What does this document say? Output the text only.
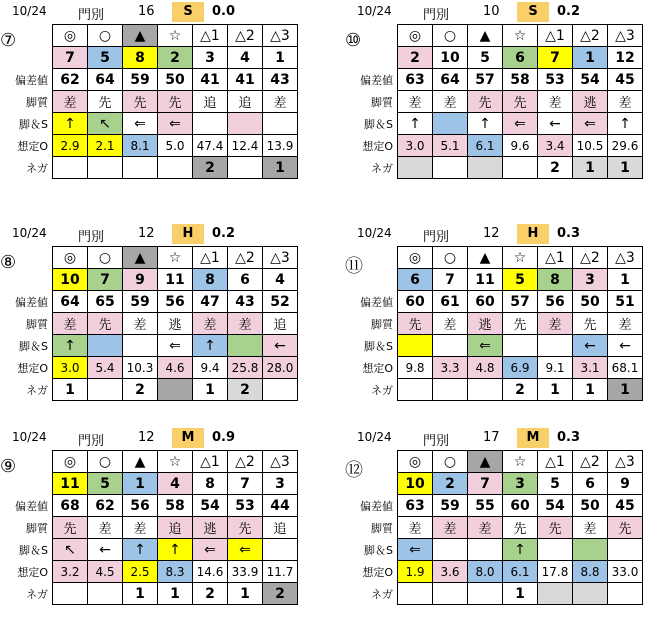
10/24 門別	16	S	0.0
⑦
偏差値
脚質
脚＆S
想定O
ネガ
◎	○	▲	☆	△1	△2	△3
7	5	8	2	3	4	1
62	64	59	50	41	41	43
差	先	先	先	追	追	差
↑	↖	⇐	⇐			
2.9	2.1	8.1	5.0	47.4	12.4	13.9
				2		1
10/24 門別	10	S	0.2
⑩
偏差値
脚質
脚＆S
想定O
ネガ
◎	○	▲	☆	△1	△2	△3
2	10	5	6	7	1	12
63	64	57	58	53	54	45
差	差	先	先	差	逃	差
↑		↑	⇐	←	⇐	↑
3.0	5.1	6.1	9.6	3.4	10.5	29.6
				2	1	1
10/24 門別	12	H	0.2
⑧
偏差値
脚質
脚＆S
想定O
ネガ
◎	○	▲	☆	△1	△2	△3
10	7	9	11	8	6	4
64	65	59	56	47	43	52
差	先	差	逃	差	差	追
↑			⇐	↑		←
3.0	5.4	10.3	4.6	9.4	25.8	28.0
1		2		1	2	
10/24 門別	12	H	0.3
⑪
偏差値
脚質
脚＆S
想定O
ネガ
◎	○	▲	☆	△1	△2	△3
6	7	11	5	8	3	1
60	61	60	57	56	50	51
先	差	逃	先	差	先	差
		⇐			←	←
9.8	3.3	4.8	6.9	9.1	3.1	68.1
			2	1	1	1
10/24 門別	12	M	0.9
⑨
偏差値
脚質
脚＆S
想定O
ネガ
◎	○	▲	☆	△1	△2	△3
11	5	1	4	8	7	3
68	62	56	58	54	53	44
先	差	差	追	逃	先	追
↖	←	↑	↑	⇐	⇐	
3.2	4.5	2.5	8.3	14.6	33.9	11.7
		1	1	2	1	2
10/24 門別	17	M	0.3
⑫
偏差値
脚質
脚＆S
想定O
ネガ
◎	○	▲	☆	△1	△2	△3
10	2	7	3	5	6	9
63	59	55	60	54	50	45
差	差	差	先	先	差	先
⇐			↑			
1.9	3.6	8.0	6.1	17.8	8.8	33.0
			1			
